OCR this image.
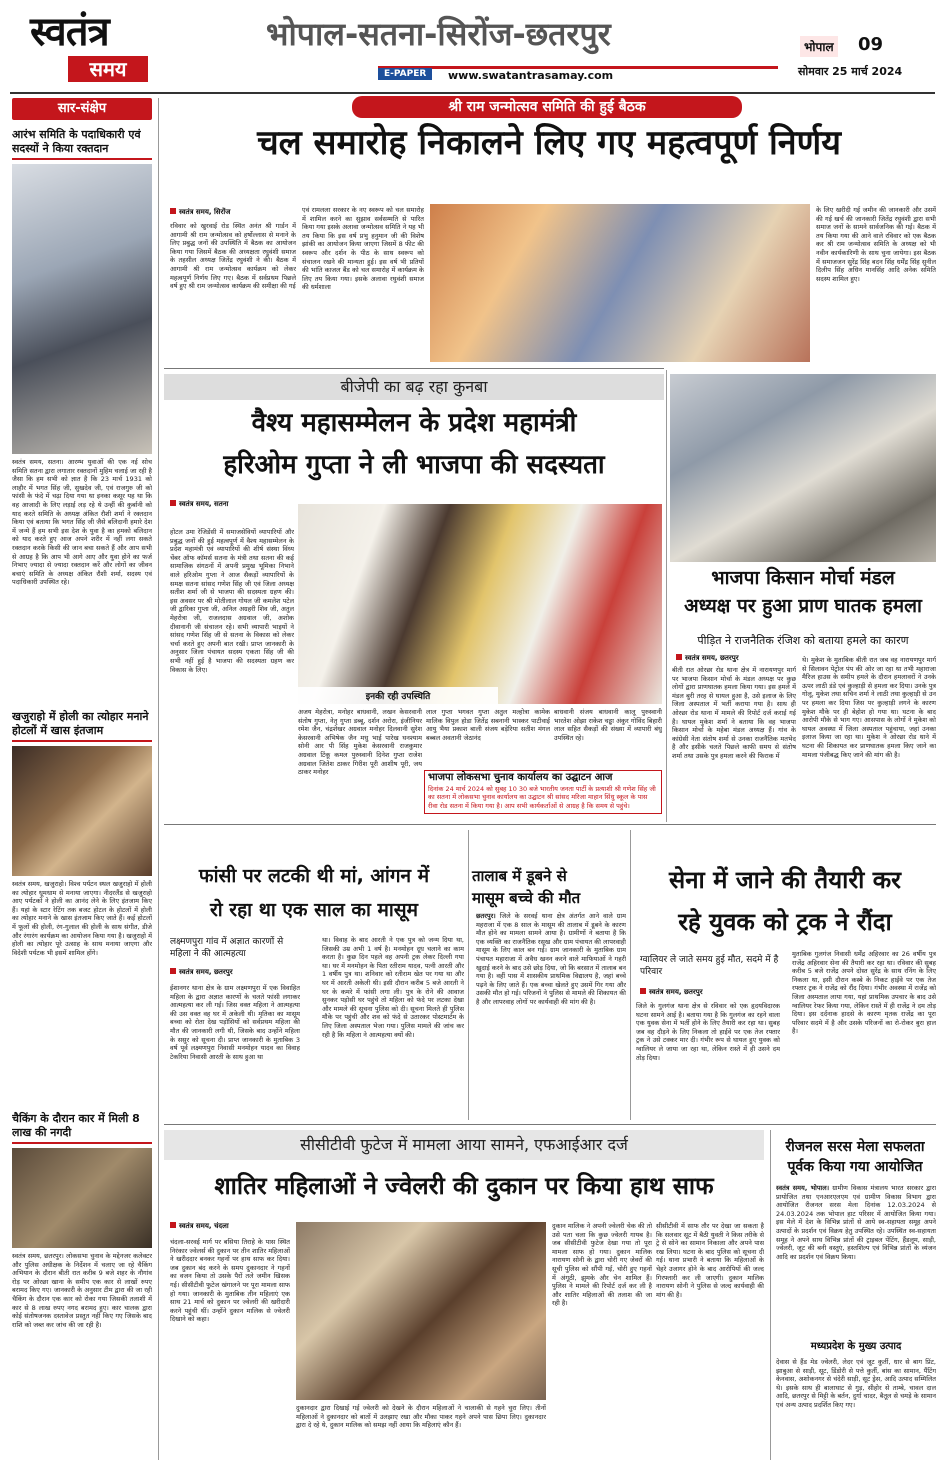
स्वतंत्र
समय
भोपाल-सतना-सिरोंज-छतरपुर
E-PAPER	www.swatantrasamay.com
भोपाल 09
सोमवार 25 मार्च 2024
सार-संक्षेप
आरंभ समिति के पदाधिकारी एवं सदस्यों ने किया रक्तदान
स्वतंत्र समय, सतना। आरम्भ युवाओं की एक नई सोच समिति सतना द्वारा लगातार रक्तदानों मुहिम चलाई जा रही है जैसा कि हम सभी को ज्ञात है कि 23 मार्च 1931 को लाहौर में भगत सिंह जी, सुखदेव जी, एवं राजगुरु जी को फांसी के फंदे में चढ़ा दिया गया था इनका कसूर यह था कि वह आजादी के लिए लड़ाई लड़ रहे थे उन्हीं की कुर्बानी को याद करते समिति के अध्यक्ष अंकित रौशी शर्मा ने रक्तदान किया एवं बताया कि भगत सिंह जी जैसे बलिदानी हमारे देश में जन्मे हैं हम सभी इस देश के युवा है का हमको बलिदान को याद करते हुए आज अपने शरीर में नहीं लगा सकते रक्तदान करके किसी की जान बचा सकते हैं और आप सभी से आग्रह है कि आप भी आगे आए और युवा होने का फर्ज निभाए ज्यादा से ज्यादा रक्तदान करें और लोगों का जीवन बचाएं समिति के अध्यक्ष अंकित रौशी शर्मा, सदस्य एवं पदाधिकारी उपस्थित रहे।
खजुराहो में होली का त्योहार मनाने होटलों में खास इंतजाम
स्वतंत्र समय, खजुराहो। विश्व पर्यटन स्थल खजुराहो में होली का त्योहार धूमधाम से मनाया जाएगा। नीदरलैंड से खजुराहो आए पर्यटकों ने होली का आनंद लेने के लिए इंतजाम किए हैं। यहां के स्टार रेटिंग तक बजट होटल के होटलों में होली का त्योहार मनाने के खास इंतजाम किए जाते हैं। कई होटलों में फूलों की होली, रंग-गुलाल की होली के साथ संगीत, डीजे और रंगारंग कार्यक्रम का आयोजन किया गया है। खजुराहो में होली का त्योहार पूरे उत्साह के साथ मनाया जाएगा और विदेशी पर्यटक भी इसमें शामिल होंगे।
चैकिंग के दौरान कार में मिली 8 लाख की नगदी
स्वतंत्र समय, छतरपुर। लोकसभा चुनाव के मद्देनजर कलेक्टर और पुलिस अधीक्षक के निर्देशन में चलाए जा रहे चैकिंग अभियान के दौरान बीती रात करीब 9 बजे शहर के नौगांव रोड़ पर ओरछा खाना के समीप एक कार से लाखों रुपए बरामद किए गए। जानकारी के अनुसार टीम द्वारा की जा रही चैकिंग के दौरान एक कार को रोका गया जिसकी तलाशी में कार से 8 लाख रुपए नगद बरामद हुए। कार चालक द्वारा कोई संतोषजनक दस्तावेज प्रस्तुत नहीं किए गए जिसके बाद राशि को जब्त कर जांच की जा रही है।
श्री राम जन्मोत्सव समिति की हुई बैठक
चल समारोह निकालने लिए गए महत्वपूर्ण निर्णय
स्वतंत्र समय, सिरोंज
रविवार को खुरवाई रोड स्थित अनंत श्री गार्डन में आगामी श्री राम जन्मोत्सव को हर्षोल्लास से मनाने के लिए प्रबुद्ध जनों की उपस्थिति में बैठक का आयोजन किया गया जिसमें बैठक की अध्यक्षता रघुवंशी समाज के तहसील अध्यक्ष जितेंद्र रघुवंशी ने की। बैठक में आगामी श्री राम जन्मोत्सव कार्यक्रम को लेकर महत्वपूर्ण निर्णय लिए गए। बैठक में सर्वप्रथम पिछले वर्ष हुए श्री राम जन्मोत्सव कार्यक्रम की समीक्षा की गई
एवं रामलला सरकार के नए स्वरूप को चल समारोह में शामिल करने का सुझाव सर्वसम्मति से पारित किया गया इसके अलावा जन्मोत्सव समिति ने यह भी तय किया कि इस वर्ष प्रभु हनुमान जी की विशेष झांकी का आयोजन किया जाएगा जिसमें 8 फीट की स्वरूप और दर्शन के पीठ के साथ स्वरूप को संचालन रखने की मान्यता हुई। इस वर्ष भी प्रतियों की भांति काजल बैंड को चल समारोह में कार्यक्रम के लिए तय किया गया। इसके अलावा रघुवंशी समाज की धर्मशाला
के लिए खरीदी गई जमीन की जानकारी और उसमें की गई खर्च की जानकारी जितेंद्र रघुवंशी द्वारा सभी समाज जनों के सामने सार्वजनिक की गई। बैठक में तय किया गया की आने वाले रविवार को एक बैठक कर श्री राम जन्मोत्सव समिति के अध्यक्ष को भी नवीन कार्यकारिणी के साथ चुना जायेगा। इस बैठक में समाजजन सुरेंद्र सिंह बदन सिंह धर्मेंद्र सिंह सुनील दिलीप सिंह अधिन मानसिंह आदि अनेक समिति सदस्य शामिल हुए।
बीजेपी का बढ़ रहा कुनबा
वैश्य महासम्मेलन के प्रदेश महामंत्री
हरिओम गुप्ता ने ली भाजपा की सदस्यता
स्वतंत्र समय, सतना
होटल उमा रेजिडेंसी में समाजसेवियों व्यापारियों और प्रबुद्ध जनों की हुई महत्वपूर्ण में वैश्य महासम्मेलन के प्रदेश महामंत्री एवं व्यापारियों की शीर्ष संस्था विंध्य चेंबर ऑफ कॉमर्स सतना के मंत्री तथा सतना की कई सामाजिक संगठनों में अपनी प्रमुख भूमिका निभाने वाले हरिओम गुप्ता ने आज सैकड़ों व्यापारियों के समक्ष सतना सांसद गणेश सिंह जी एवं जिला अध्यक्ष सतीश शर्मा जी से भाजपा की सदस्यता ग्रहण की। इस अवसर पर श्री मोतीलाल गोयल जी कमलेश पटेल जी द्वारिका गुप्ता जी, अनिल अग्रहरी शिव जी, अतुल मेहरोत्रा जी, राजलदास अग्रवाल जी, अशोक दीवानानी जी संचालन रहे। सभी व्यापारी भाइयों ने सांसद गणेश सिंह जी से सतना के विकास को लेकर चर्चा करते हुए अपनी बात रखी। प्राप्त जानकारी के अनुसार जिला पंचायत सदस्य एकता सिंह जी की सभी नहीं हुई है भाजपा की सदस्यता ग्रहण कर विकास के लिए।
इनकी रही उपस्थिति
अजय मेहरोत्रा, मनोहर बाधवानी, लखन केसरवानी संतोष गुप्ता, नेतृ गुप्ता डब्बू, दर्शन अरोरा, इंजीनियर रमेश जैन, चंद्रशेखर अग्रवाल मनोहर दिलवानी सुरेश केसरवानी अभिषेक जैन मधु भाई पारेख घनश्याम सोनी आर पी सिंह मुकेश केसरवानी राजकुमार अग्रवाल टिंकू कमल पुरुस्वानी दिनेश गुप्ता राजेश अग्रवाल जितेश ठाकर गिरीश पूरी आशीष पूरी, जय ठाकर मनोहर
लाल गुप्ता भगवत गुप्ता अतुल मल्होत्रा कामेक मालिक विपुल होडा जितेंद्र सबनानी भास्कर पाटीवाई आयु भैया प्रकाश बाली संजय बड़ेरिया सतीश मंगल बब्बल अवतानी जेठानंद
बाधवानी संजय बाधवानी कालू पुरुस्वानी भारतेश ओझा राकेश चड्ढा अंकुर गोविंद बिहारी लाल सहित सैकड़ों की संख्या में व्यापारी बंधु उपस्थित रहे।
भाजपा लोकसभा चुनाव कार्यालय का उद्घाटन आज
दिनांक 24 मार्च 2024 को सुबह 10 30 बजे भारतीय जनता पार्टी के प्रत्याशी श्री गणेश सिंह जी का सतना में लोकसभा चुनाव कार्यालय का उद्घाटन श्री सांसद मरिजा माहान सिंधु स्कूल के पास रीवा रोड सतना में किया गया है। आप सभी कार्यकर्ताओं से आग्रह है कि समय से पहुंचे।
भाजपा किसान मोर्चा मंडल
अध्यक्ष पर हुआ प्राण घातक हमला
पीड़ित ने राजनैतिक रंजिश को बताया हमले का कारण
स्वतंत्र समय, छतरपुर
बीती रात ओरछा रोड थाना क्षेत्र में नारायणपुर मार्ग पर भाजपा किसान मोर्चा के मंडल अध्यक्ष पर कुछ लोगों द्वारा प्राणघातक हमला किया गया। इस हमले में मंडल बुरी तरह से घायल हुआ है, उसे इलाज के लिए जिला अस्पताल में भर्ती कराया गया है। साथ ही ओरछा रोड थाना में मामले की रिपोर्ट दर्ज कराई गई है। घायल मुकेश शर्मा ने बताया कि वह भाजपा किसान मोर्चा के महेबा मंडल अध्यक्ष हैं। गांव के कांग्रेसी नेता संतोष शर्मा से उनका राजनैतिक मतभेद है और इसीके चलते पिछले काफी समय से संतोष शर्मा तथा उसके पुत्र हमला करने की फिराक में
थे। मुकेश के मुताबिक बीती रात जब वह नारायणपुर मार्ग से सिलावन पेट्रोल पंप की ओर जा रहा था तभी महाराजा मैरिज हाउस के समीप हमले के दौरान हमलावरों ने उनके ऊपर लाठी डंडे एवं कुल्हाड़ी से हमला कर दिया। उनके पुत्र गोलू, मुकेश तथा सचिन शर्मा ने लाठी तथा कुल्हाड़ी से उन पर हमला कर दिया जिस पर कुल्हाड़ी लगने के कारण मुकेश मौके पर ही बेहोश हो गया था। घटना के बाद आरोपी मौके से भाग गए। आसपास के लोगों ने मुकेश को घायल अवस्था में जिला अस्पताल पहुंचाया, जहां उनका इलाज किया जा रहा था। मुकेश ने ओरछा रोड थाने में घटना की शिकायत कर प्राणघातक हमला किए जाने का मामला पंजीबद्ध किए जाने की मांग की है।
फांसी पर लटकी थी मां, आंगन में
रो रहा था एक साल का मासूम
लक्ष्मणपुरा गांव में अज्ञात कारणों से महिला ने की आत्महत्या
स्वतंत्र समय, छतरपुर
ईशानगर थाना क्षेत्र के ग्राम लक्ष्मणपुरा में एक विवाहित महिला के द्वारा अज्ञात कारणों के चलते फांसी लगाकर आत्महत्या कर ली गई। जिस वक्त महिला ने आत्महत्या की उस वक्त वह घर में अकेली थी। मृतिका का मासूम बच्चा को रोता देख पड़ोसियों को सर्वप्रथम महिला की मौत की जानकारी लगी थी, जिसके बाद उन्होंने महिला के ससुर को सूचना दी। प्राप्त जानकारी के मुताबिक 3 वर्ष पूर्व लक्ष्मणपुरा निवासी मनमोहन यादव का विवाह टेकरिया निवासी आरती के साथ हुआ था
था। विवाह के बाद आरती ने एक पुत्र को जन्म दिया था, जिसकी उम्र अभी 1 वर्ष है। मनमोहन दूध चलाने का काम करता है। कुछ दिन पहले वह अपनी ट्रक लेकर दिल्ली गया था। घर में मनमोहन के पिता रतीराम यादव, पत्नी आरती और 1 वर्षीय पुत्र था। शनिवार को रतीराम खेत पर गया था और घर में आरती अकेली थी। इसी दौरान करीब 5 बजे आरती ने घर के कमरे में फांसी लगा ली। पुत्र के रोने की आवाज सुनकर पड़ोसी घर पहुंचे तो महिला को फंदे पर लटका देखा और मामले की सूचना पुलिस को दी। सूचना मिलते ही पुलिस मौके पर पहुंची और शव को फंदे से उतारकर पोस्टमार्टम के लिए जिला अस्पताल भेजा गया। पुलिस मामले की जांच कर रही है कि महिला ने आत्महत्या क्यों की।
तालाब में डूबने से
मासूम बच्चे की मौत
छतरपुर। जिले के सरवई थाना क्षेत्र अंतर्गत आने वाले ग्राम महराजा में एक 8 साल के मासूम की तालाब में डूबने के कारण मौत होने का मामला सामने आया है। ग्रामीणों ने बताया है कि एक व्यक्ति का राजनैतिक रसूख और ग्राम पंचायत की लापरवाही मासूम के लिए काल बन गई। ग्राम जानकारी के मुताबिक ग्राम पंचायत महाराजा में अवैध खनन करने वाले माफियाओं ने गहरी खुदाई करने के बाद उसे छोड़ दिया, जो कि बरसात में तालाब बन गया है। वहीं पास में शासकीय प्राथमिक विद्यालय है, जहां बच्चे पढ़ने के लिए जाते हैं। एक बच्चा खेलते हुए उसमें गिर गया और उसकी मौत हो गई। परिजनों ने पुलिस से मामले की शिकायत की है और लापरवाह लोगों पर कार्यवाही की मांग की है।
सेना में जाने की तैयारी कर
रहे युवक को ट्रक ने रौंदा
ग्वालियर ले जाते समय हुई मौत, सदमे में है परिवार
स्वतंत्र समय, छतरपुर
जिले के गुलगंज थाना क्षेत्र से रविवार को एक हृदयविदारक घटना सामने आई है। बताया गया है कि गुलगंज का रहने वाला एक युवक सेना में भर्ती होने के लिए तैयारी कर रहा था। सुबह जब वह दौड़ने के लिए निकला तो हाईवे पर एक तेज रफ्तार ट्रक ने उसे टक्कर मार दी। गंभीर रूप से घायल हुए युवक को ग्वालियर ले जाया जा रहा था, लेकिन रास्ते में ही उसने दम तोड़ दिया।
मुताबिक गुलगंज निवासी धर्मेंद्र अहिरवार का 26 वर्षीय पुत्र राजेंद्र अहिरवार सेना की तैयारी कर रहा था। रविवार की सुबह करीब 5 बजे राजेंद्र अपने दोस्त सुरेंद्र के साथ रनिंग के लिए निकला था, इसी दौरान कस्बे के निकट हाईवे पर एक तेज रफ्तार ट्रक ने राजेंद्र को रौंद दिया। गंभीर अवस्था में राजेंद्र को जिला अस्पताल लाया गया, यहां प्राथमिक उपचार के बाद उसे ग्वालियर रेफर किया गया, लेकिन रास्ते में ही राजेंद्र ने दम तोड़ दिया। इस दर्दनाक हादसे के कारण मृतक राजेंद्र का पूरा परिवार सदमे में है और उसके परिजनों का रो-रोकर बुरा हाल है।
सीसीटीवी फुटेज में मामला आया सामने, एफआईआर दर्ज
शातिर महिलाओं ने ज्वेलरी की दुकान पर किया हाथ साफ
स्वतंत्र समय, चंदला
चंदला-सरवई मार्ग पर बसिया तिराहे के पास स्थित निरंकार ज्वेलर्स की दुकान पर तीन शातिर महिलाओं ने खरीददार बनकर गहनों पर हाथ साफ कर दिया। जब दुकान बंद करने के समय दुकानदार ने गहनों का वजन किया तो उसके पैरों तले जमीन खिसक गई। सीसीटीवी फुटेज खंगालने पर पूरा मामला साफ हो गया। जानकारी के मुताबिक तीन महिलाएं एक साथ 21 मार्च को दुकान पर ज्वेलरी की खरीदारी करने पहुंची थीं। उन्होंने दुकान मालिक से ज्वेलरी दिखाने को कहा।
दुकानदार द्वारा दिखाई गई ज्वेलरी को देखने के दौरान महिलाओं ने चालाकी से गहने चुरा लिए। तीनों महिलाओं ने दुकानदार को बातों में उलझाए रखा और मौका पाकर गहने अपने पास छिपा लिए। दुकानदार द्वारा दे रहे थे, दुकान मालिक को समझ नहीं आया कि महिलाएं कौन हैं।
दुकान मालिक ने अपनी ज्वेलरी चेक की तो उसे पता चला कि कुछ ज्वेलरी गायब है। जब सीसीटीवी फुटेज देखा गया तो पूरा मामला साफ हो गया। दुकान मालिक नारायण सोनी के द्वारा चोरी गए जेवरों की सूची पुलिस को सौंपी गई, चोरी हुए गहनों में अंगूठी, झुमके और चेन शामिल हैं। पुलिस ने मामले की रिपोर्ट दर्ज कर ली है और शातिर महिलाओं की तलाश की जा रही है।
सीसीटीवी में साफ तौर पर देखा जा सकता है कि सलवार सूट में बैठी युवती ने किस तरीके से ट्रे से सोने का सामान निकाला और अपने पास रख लिया। घटना के बाद पुलिस को सूचना दी गई। थाना प्रभारी ने बताया कि महिलाओं के चेहरे उजागर होने के बाद आरोपियों की जल्द गिरफ्तारी कर ली जाएगी। दुकान मालिक नारायण सोनी ने पुलिस से जल्द कार्यवाही की मांग की है।
रीजनल सरस मेला सफलता
पूर्वक किया गया आयोजित
स्वतंत्र समय, भोपाल। ग्रामीण विकास मंत्रालय भारत सरकार द्वारा प्रायोजित तथा एनआरएलएम एवं ग्रामीण विकास विभाग द्वारा आयोजित रीजनल सरस मेला दिनांक 12.03.2024 से 24.03.2024 तक भोपाल हाट परिसर में आयोजित किया गया। इस मेले में देश के विभिन्न प्रांतों से आये स्व-सहायता समूह अपने उत्पादों के प्रदर्शन एवं विक्रय हेतु उपस्थित रहे। उपस्थित स्व-सहायता समूह ने अपने साथ विभिन्न प्रांतों की ट्राइबल पेंटिंग, हैंडलूम, साड़ी, ज्वेलरी, जूट की बनी वस्तुएं, हस्तशिल्प एवं विभिन्न प्रांतों के व्यंजन आदि का प्रदर्शन एवं विक्रय किया।
मध्यप्रदेश के मुख्य उत्पाद
देवास से हैंड मेड ज्वेलरी, लेदर एवं जूट कुर्ती, धार से बाग प्रिंट, झाबुआ से साड़ी, सूट, डिंडोरी से पत्ते कुर्ती, बांस का सामान, पैंटिंग केनवास, अशोकनगर से चंदेरी साड़ी, सूट ड्रेस, आदि उत्पाद सम्मिलित थे। इसके साथ ही बालाघाट से गुड़, सीहोर से ताम्बे, चावल दाल आदि, छतरपुर से मिट्टी के बर्तन, दुर्गा चादर, बैतूल से चमड़े के सामान एवं अन्य उत्पाद प्रदर्शित किए गए।
